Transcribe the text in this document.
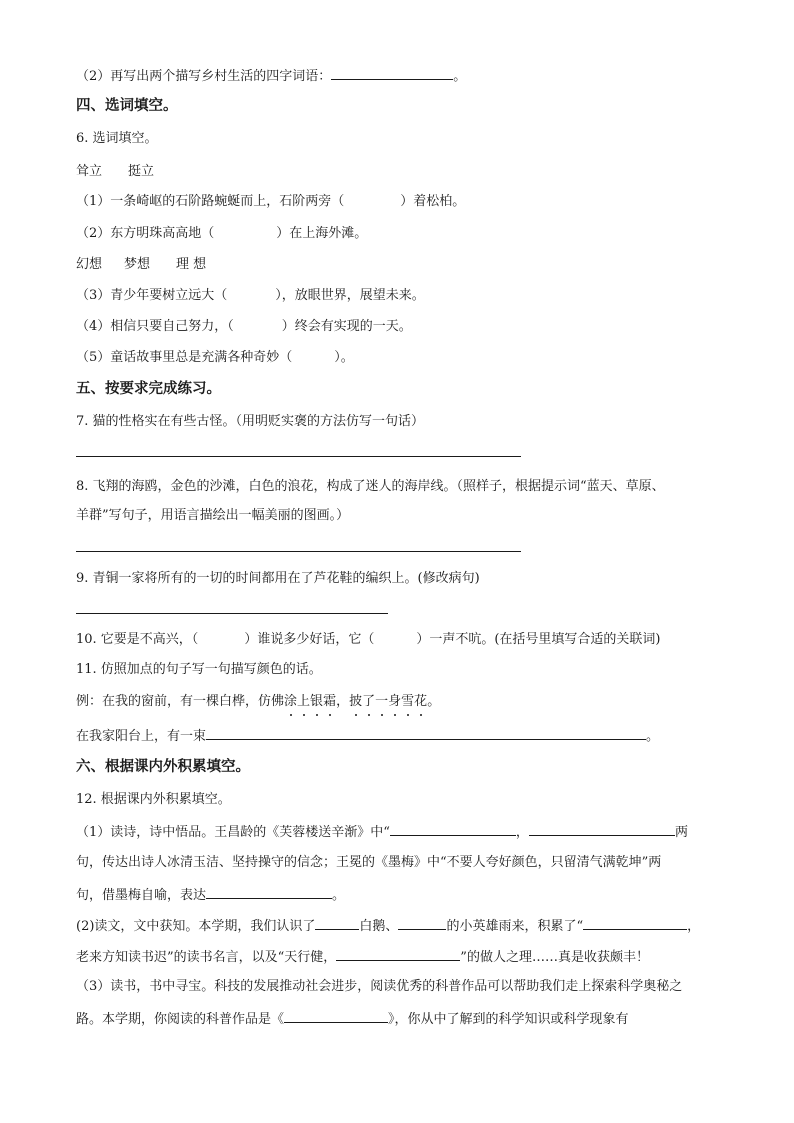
（2）再写出两个描写乡村生活的四字词语：	。
四、选词填空。
6. 选词填空。
耸立 挺立
（1）一条崎岖的石阶路蜿蜒而上，石阶两旁（	）着松柏。
（2）东方明珠高高地（	）在上海外滩。
幻想 梦想 理 想
（3）青少年要树立远大（	），放眼世界，展望未来。
（4）相信只要自己努力，（	）终会有实现的一天。
（5）童话故事里总是充满各种奇妙（	）。
五、按要求完成练习。
7. 猫的性格实在有些古怪。（用明贬实褒的方法仿写一句话）
8. 飞翔的海鸥，金色的沙滩，白色的浪花，构成了迷人的海岸线。（照样子，根据提示词“蓝天、草原、
羊群”写句子，用语言描绘出一幅美丽的图画。）
9. 青铜一家将所有的一切的时间都用在了芦花鞋的编织上。(修改病句)
10. 它要是不高兴，（	）谁说多少好话，它（	）一声不吭。(在括号里填写合适的关联词)
11. 仿照加点的句子写一句描写颜色的话。
例：在我的窗前，有一棵白桦，仿佛涂上银霜，披了一身雪花。
在我家阳台上，有一束	。
六、根据课内外积累填空。
12. 根据课内外积累填空。
（1）读诗，诗中悟品。王昌龄的《芙蓉楼送辛渐》中“	，	两
句，传达出诗人冰清玉洁、坚持操守的信念；王冕的《墨梅》中“不要人夸好颜色，只留清气满乾坤”两
句，借墨梅自喻，表达	。
(2)读文，文中获知。本学期，我们认识了	白鹅、	的小英雄雨来，积累了“	，
老来方知读书迟”的读书名言，以及“天行健，	”的做人之理……真是收获颇丰！
（3）读书，书中寻宝。科技的发展推动社会进步，阅读优秀的科普作品可以帮助我们走上探索科学奥秘之
路。本学期，你阅读的科普作品是《	》，你从中了解到的科学知识或科学现象有
